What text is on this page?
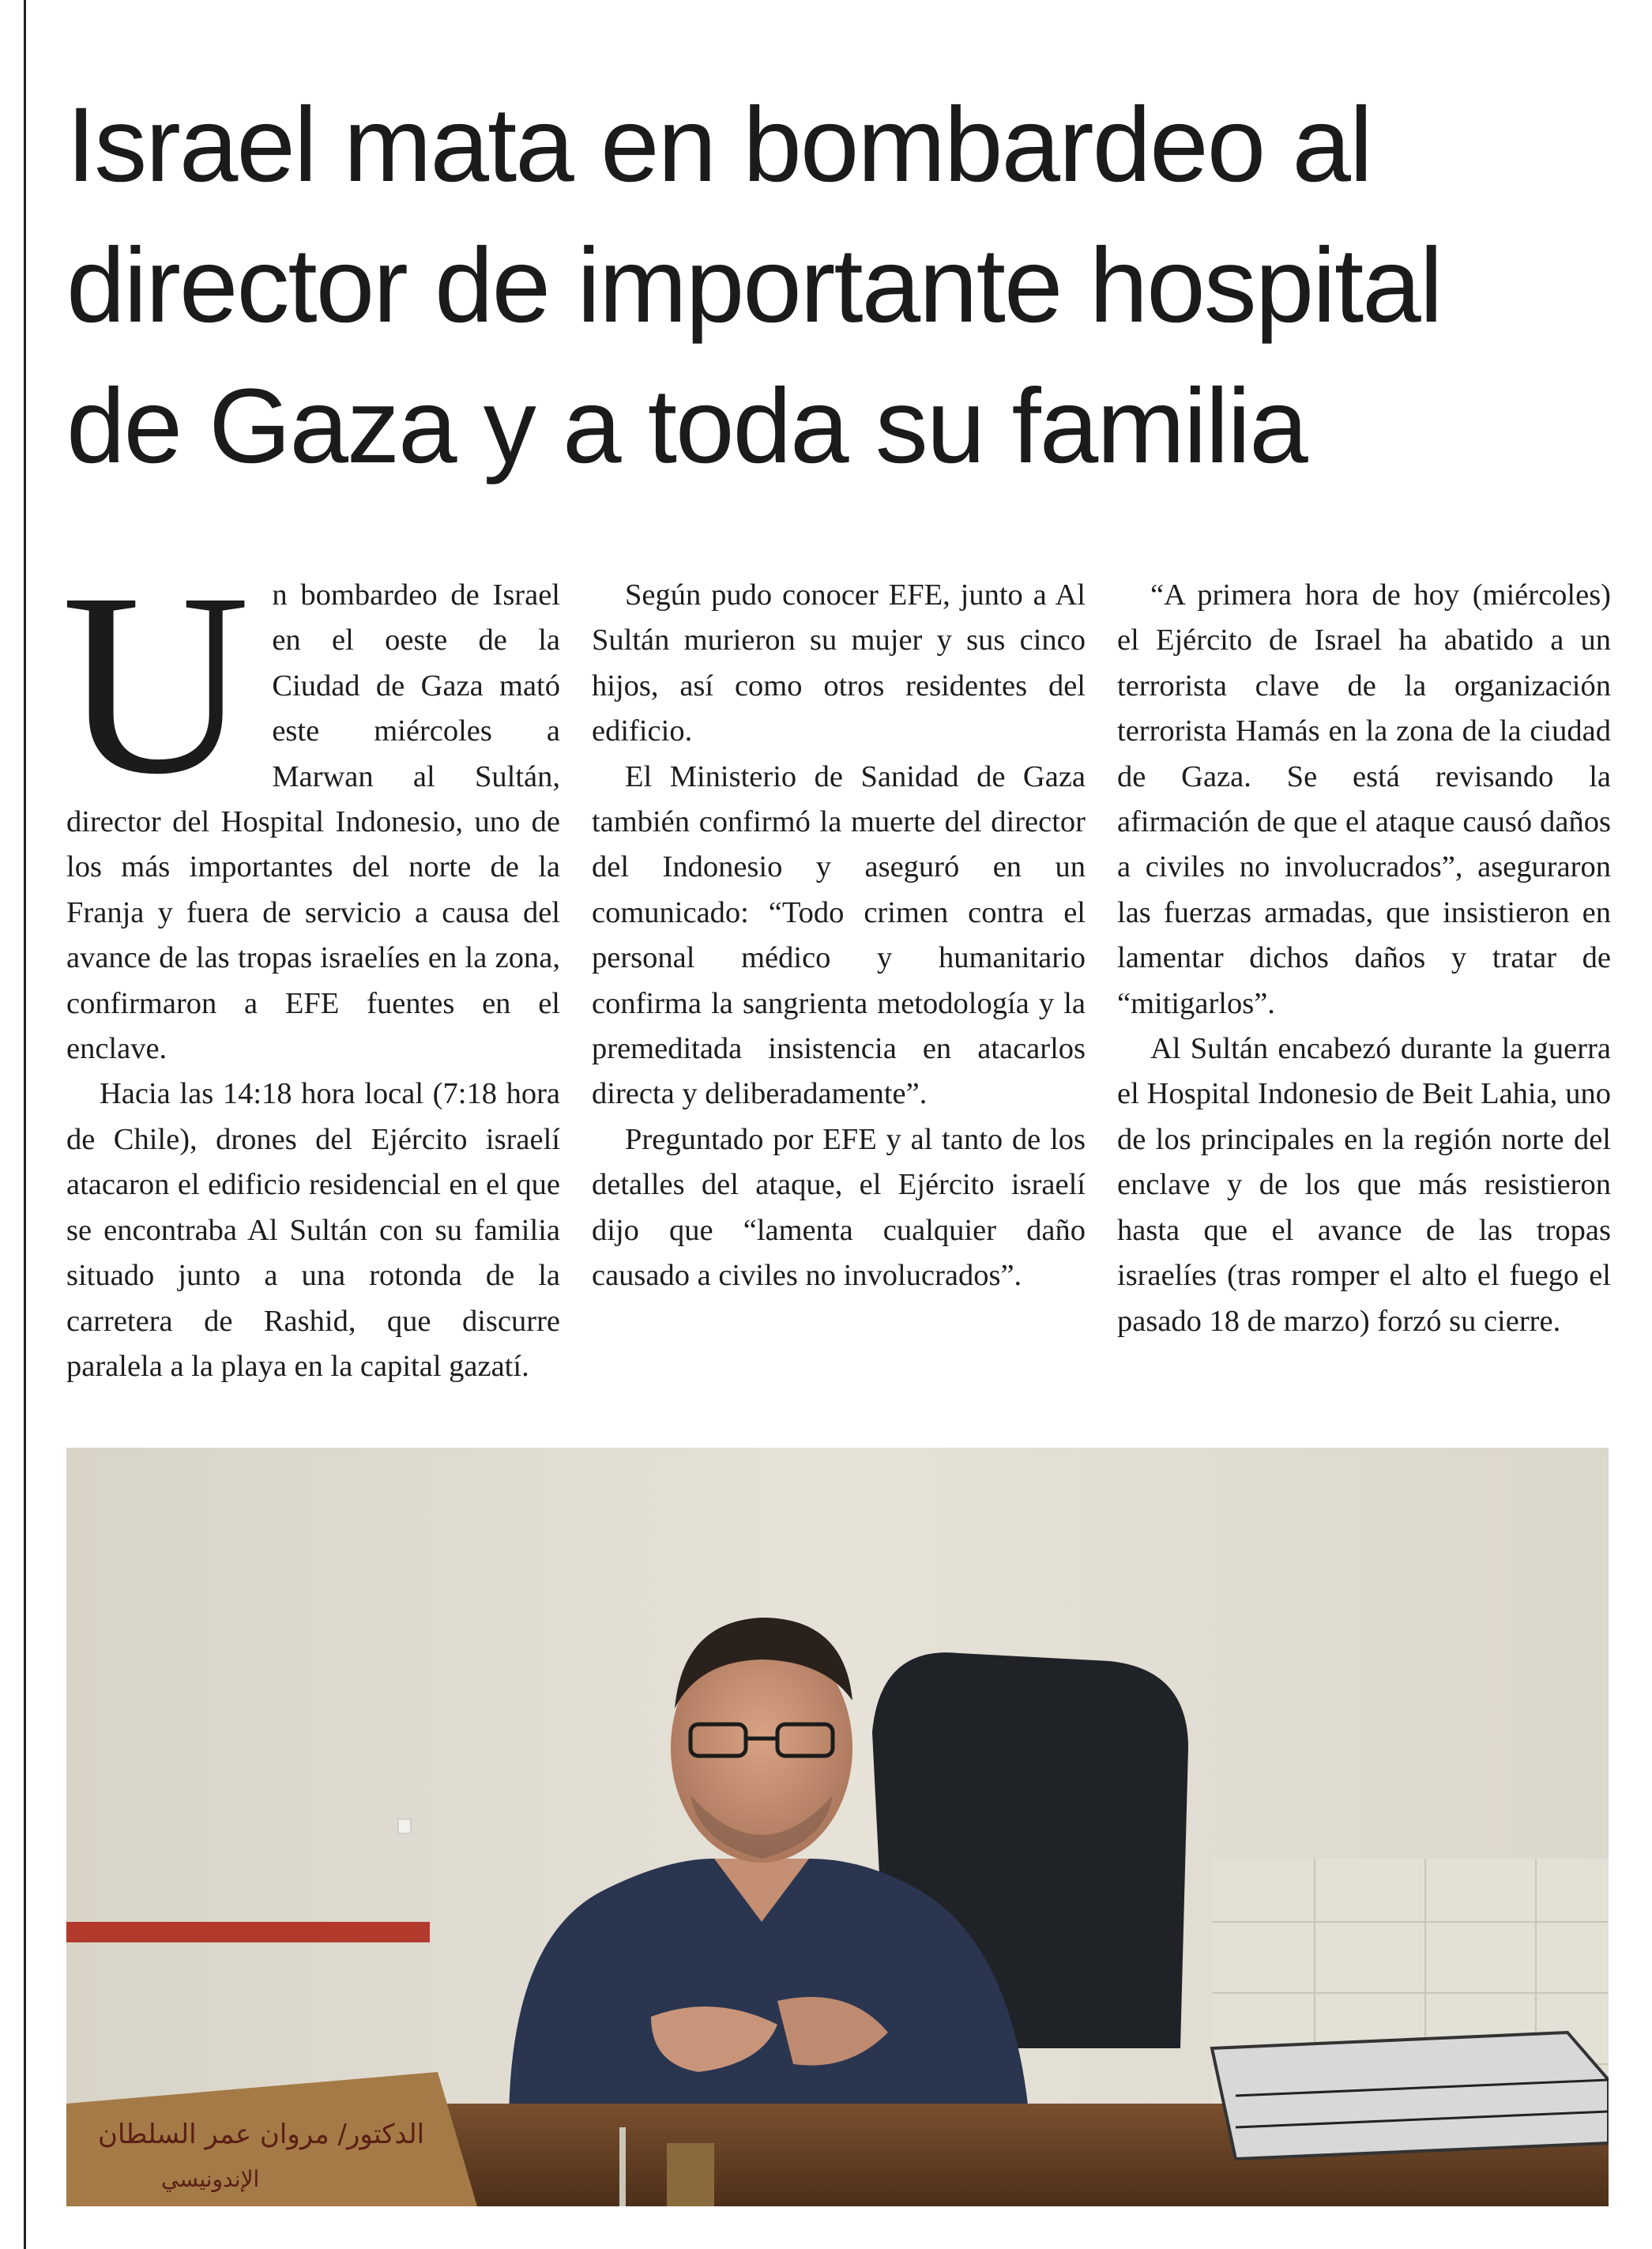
Israel mata en bombardeo al
director de importante hospital
de Gaza y a toda su familia

Un bombardeo de Israel en el oeste de la Ciudad de Gaza mató este miércoles a Marwan al Sultán, director del Hospital Indonesio, uno de los más importantes del norte de la Franja y fuera de servicio a causa del avance de las tropas israelíes en la zona, confirmaron a EFE fuentes en el enclave.

Hacia las 14:18 hora local (7:18 hora de Chile), drones del Ejército israelí atacaron el edificio residencial en el que se encontraba Al Sultán con su familia situado junto a una rotonda de la carretera de Rashid, que discurre paralela a la playa en la capital gazatí.

Según pudo conocer EFE, junto a Al Sultán murieron su mujer y sus cinco hijos, así como otros residentes del edificio.

El Ministerio de Sanidad de Gaza también confirmó la muerte del director del Indonesio y aseguró en un comunicado: “Todo crimen contra el personal médico y humanitario confirma la sangrienta metodología y la premeditada insistencia en atacarlos directa y deliberadamente”.

Preguntado por EFE y al tanto de los detalles del ataque, el Ejército israelí dijo que “lamenta cualquier daño causado a civiles no involucrados”.

“A primera hora de hoy (miércoles) el Ejército de Israel ha abatido a un terrorista clave de la organización terrorista Hamás en la zona de la ciudad de Gaza. Se está revisando la afirmación de que el ataque causó daños a civiles no involucrados”, aseguraron las fuerzas armadas, que insistieron en lamentar dichos daños y tratar de “mitigarlos”.

Al Sultán encabezó durante la guerra el Hospital Indonesio de Beit Lahia, uno de los principales en la región norte del enclave y de los que más resistieron hasta que el avance de las tropas israelíes (tras romper el alto el fuego el pasado 18 de marzo) forzó su cierre.

الدكتور/ مروان عمر السلطان
الإندونيسي
